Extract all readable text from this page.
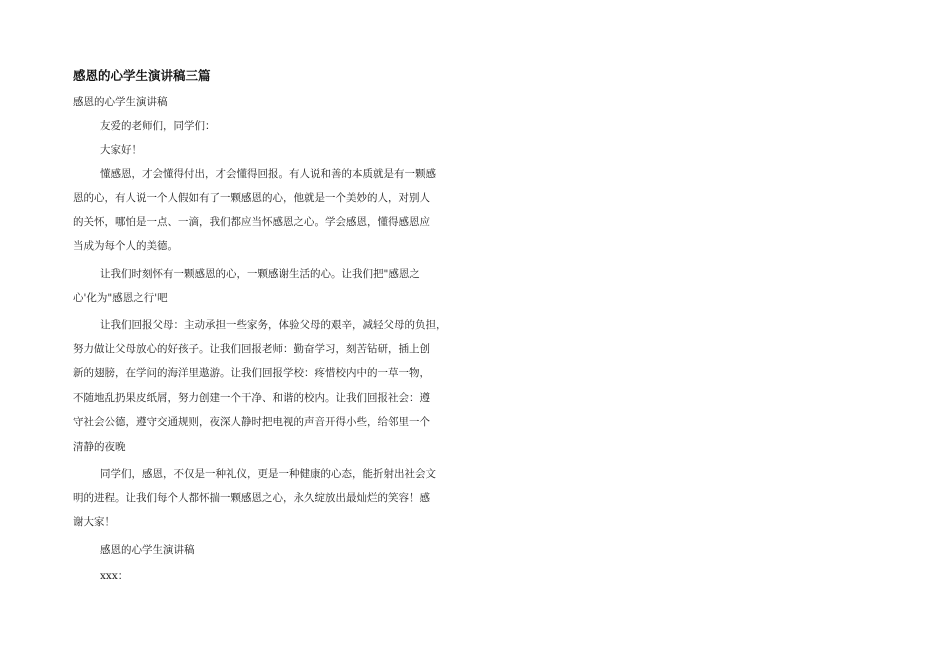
感恩的心学生演讲稿三篇
感恩的心学生演讲稿
友爱的老师们，同学们：
大家好！
懂感恩，才会懂得付出，才会懂得回报。有人说和善的本质就是有一颗感
恩的心，有人说一个人假如有了一颗感恩的心，他就是一个美妙的人，对别人
的关怀，哪怕是一点、一滴，我们都应当怀感恩之心。学会感恩，懂得感恩应
当成为每个人的美德。
让我们时刻怀有一颗感恩的心，一颗感谢生活的心。让我们把"感恩之
心'化为"感恩之行'吧
让我们回报父母：主动承担一些家务，体验父母的艰辛，减轻父母的负担，
努力做让父母放心的好孩子。让我们回报老师：勤奋学习，刻苦钻研，插上创
新的翅膀，在学问的海洋里遨游。让我们回报学校：疼惜校内中的一草一物，
不随地乱扔果皮纸屑，努力创建一个干净、和谐的校内。让我们回报社会：遵
守社会公德，遵守交通规则，夜深人静时把电视的声音开得小些，给邻里一个
清静的夜晚
同学们，感恩，不仅是一种礼仪，更是一种健康的心态，能折射出社会文
明的进程。让我们每个人都怀揣一颗感恩之心，永久绽放出最灿烂的笑容！感
谢大家！
感恩的心学生演讲稿
xxx：
